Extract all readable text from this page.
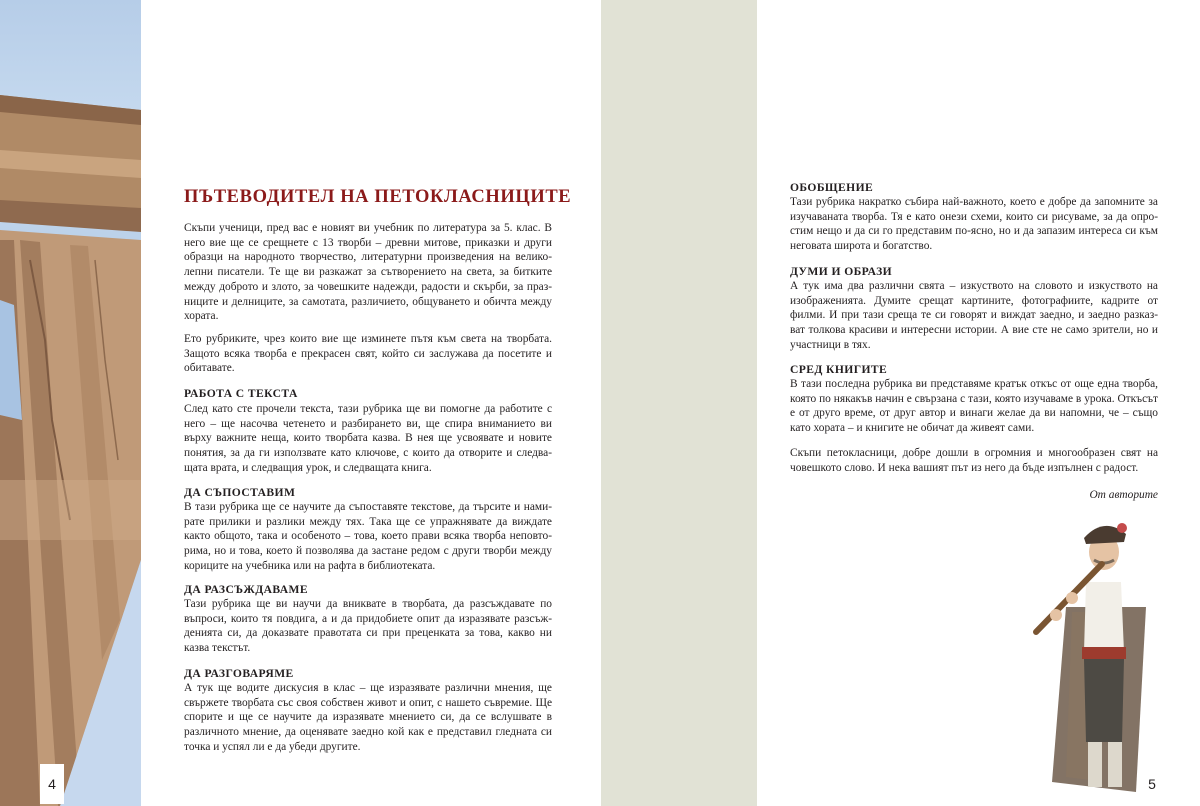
ПЪТЕВОДИТЕЛ НА ПЕТОКЛАСНИЦИТЕ

Скъпи ученици, пред вас е новият ви учебник по литература за 5. клас. В него вие ще се срещнете с 13 творби – древни митове, приказки и други образци на народното творчество, литературни произведения на велико-лепни писатели. Те ще ви разкажат за сътворението на света, за битките между доброто и злото, за човешките надежди, радости и скърби, за праз-ниците и делниците, за самотата, различието, общуването и обичта между хората.

Ето рубриките, чрез които вие ще изминете пътя към света на творбата. Защото всяка творба е прекрасен свят, който си заслужава да посетите и обитавате.

РАБОТА С ТЕКСТА

След като сте прочели текста, тази рубрика ще ви помогне да работите с него – ще насочва четенето и разбирането ви, ще спира вниманието ви върху важните неща, които творбата казва. В нея ще усвоявате и новите понятия, за да ги използвате като ключове, с които да отворите и следва-щата врата, и следващия урок, и следващата книга.

ДА СЪПОСТАВИМ

В тази рубрика ще се научите да съпоставяте текстове, да търсите и нами-рате прилики и разлики между тях. Така ще се упражнявате да виждате както общото, така и особеното – това, което прави всяка творба неповто-рима, но и това, което й позволява да застане редом с други творби между кориците на учебника или на рафта в библиотеката.

ДА РАЗСЪЖДАВАМЕ

Тази рубрика ще ви научи да вниквате в творбата, да разсъждавате по въпроси, които тя повдига, а и да придобиете опит да изразявате разсъж-денията си, да доказвате правотата си при преценката за това, какво ни казва текстът.

ДА РАЗГОВАРЯМЕ

А тук ще водите дискусия в клас – ще изразявате различни мнения, ще свържете творбата със своя собствен живот и опит, с нашето съвремие. Ще спорите и ще се научите да изразявате мнението си, да се вслушвате в различното мнение, да оценявате заедно кой как е представил гледната си точка и успял ли е да убеди другите.

ОБОБЩЕНИЕ

Тази рубрика накратко събира най-важното, което е добре да запомните за изучаваната творба. Тя е като онези схеми, които си рисуваме, за да опро-стим нещо и да си го представим по-ясно, но и да запазим интереса си към неговата широта и богатство.

ДУМИ И ОБРАЗИ

А тук има два различни свята – изкуството на словото и изкуството на изображенията. Думите срещат картините, фотографиите, кадрите от филми. И при тази среща те си говорят и виждат заедно, и заедно разказ-ват толкова красиви и интересни истории. А вие сте не само зрители, но и участници в тях.

СРЕД КНИГИТЕ

В тази последна рубрика ви представяме кратък откъс от още една творба, която по някакъв начин е свързана с тази, която изучаваме в урока. Откъсът е от друго време, от друг автор и винаги желае да ви напомни, че – също като хората – и книгите не обичат да живеят сами.

Скъпи петокласници, добре дошли в огромния и многообразен свят на човешкото слово. И нека вашият път из него да бъде изпълнен с радост.

От авторите
4	5
